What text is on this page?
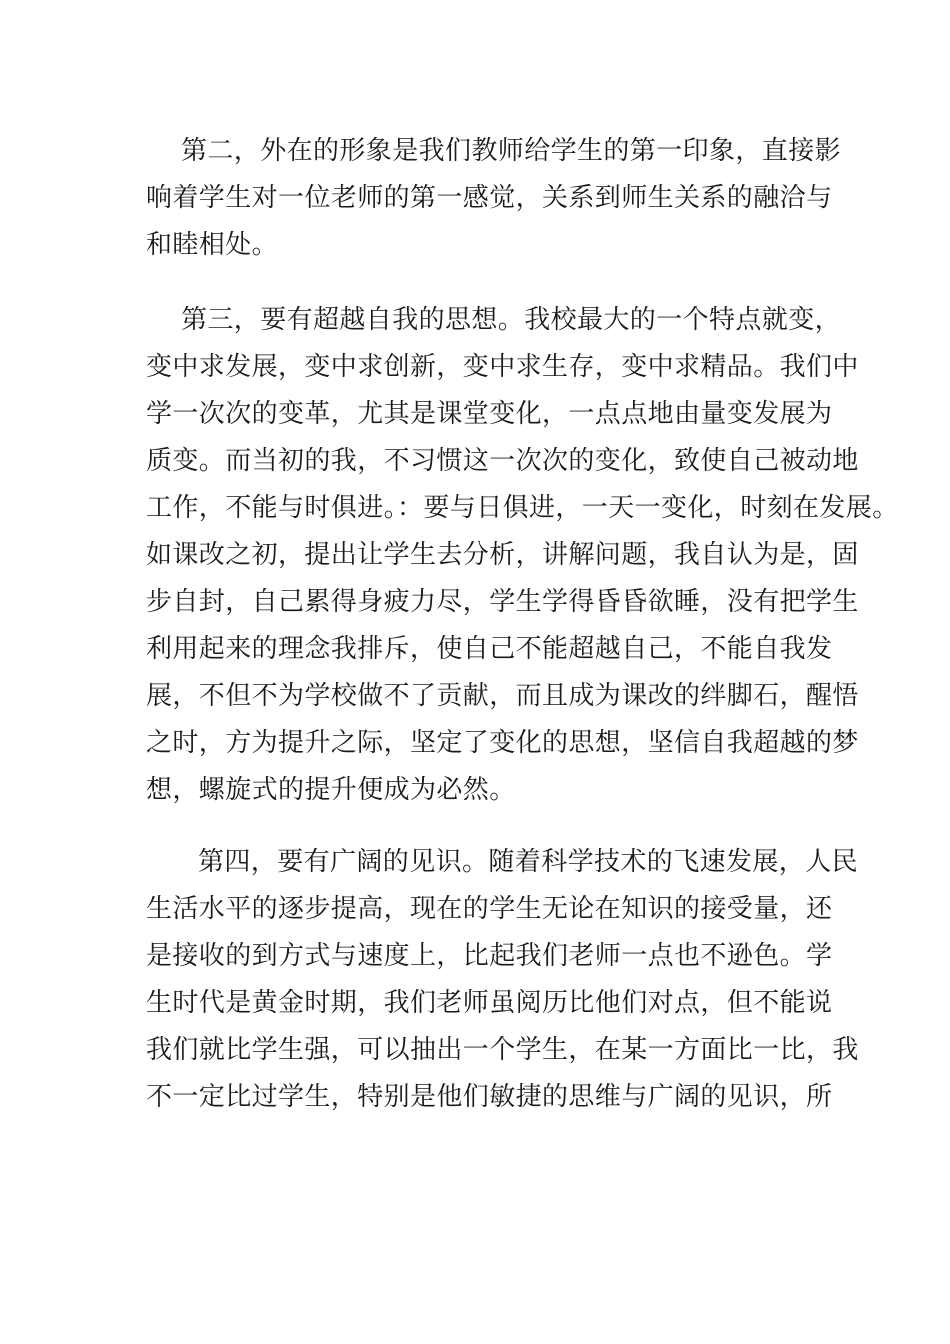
第二，外在的形象是我们教师给学生的第一印象，直接影
响着学生对一位老师的第一感觉，关系到师生关系的融洽与
和睦相处。
第三，要有超越自我的思想。我校最大的一个特点就变，
变中求发展，变中求创新，变中求生存，变中求精品。我们中
学一次次的变革，尤其是课堂变化，一点点地由量变发展为
质变。而当初的我，不习惯这一次次的变化，致使自己被动地
工作，不能与时俱进。：要与日俱进，一天一变化，时刻在发展。
如课改之初，提出让学生去分析，讲解问题，我自认为是，固
步自封，自己累得身疲力尽，学生学得昏昏欲睡，没有把学生
利用起来的理念我排斥，使自己不能超越自己，不能自我发
展，不但不为学校做不了贡献，而且成为课改的绊脚石，醒悟
之时，方为提升之际，坚定了变化的思想，坚信自我超越的梦
想，螺旋式的提升便成为必然。
第四，要有广阔的见识。随着科学技术的飞速发展，人民
生活水平的逐步提高，现在的学生无论在知识的接受量，还
是接收的到方式与速度上，比起我们老师一点也不逊色。学
生时代是黄金时期，我们老师虽阅历比他们对点，但不能说
我们就比学生强，可以抽出一个学生，在某一方面比一比，我
不一定比过学生，特别是他们敏捷的思维与广阔的见识，所
